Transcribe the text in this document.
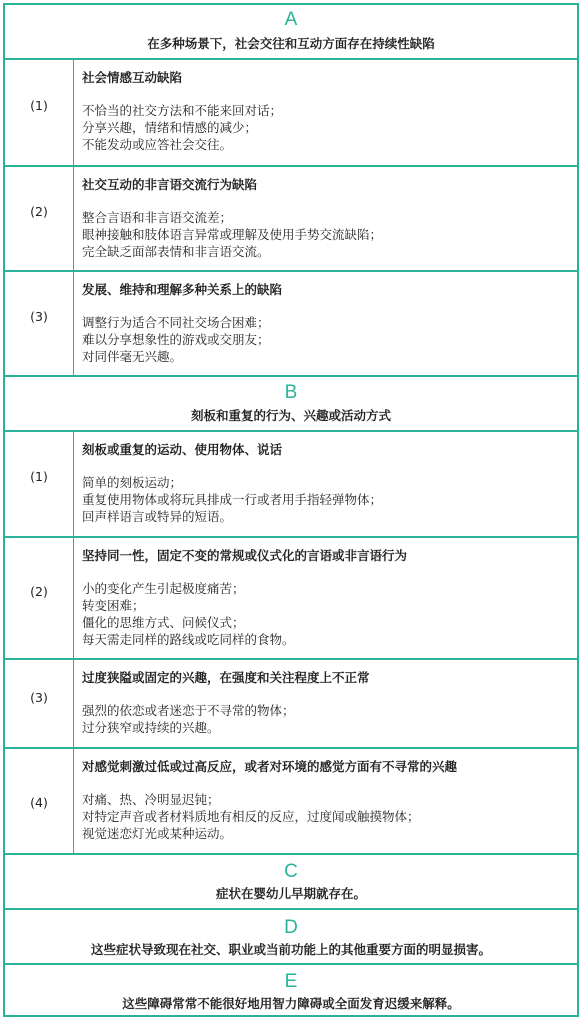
A
在多种场景下，社会交往和互动方面存在持续性缺陷
(1)
社会情感互动缺陷
不恰当的社交方法和不能来回对话；
分享兴趣，情绪和情感的减少；
不能发动或应答社会交往。
(2)
社交互动的非言语交流行为缺陷
整合言语和非言语交流差；
眼神接触和肢体语言异常或理解及使用手势交流缺陷；
完全缺乏面部表情和非言语交流。
(3)
发展、维持和理解多种关系上的缺陷
调整行为适合不同社交场合困难；
难以分享想象性的游戏或交朋友；
对同伴毫无兴趣。
B
刻板和重复的行为、兴趣或活动方式
(1)
刻板或重复的运动、使用物体、说话
简单的刻板运动；
重复使用物体或将玩具排成一行或者用手指轻弹物体；
回声样语言或特异的短语。
(2)
坚持同一性，固定不变的常规或仪式化的言语或非言语行为
小的变化产生引起极度痛苦；
转变困难；
僵化的思维方式、问候仪式；
每天需走同样的路线或吃同样的食物。
(3)
过度狭隘或固定的兴趣，在强度和关注程度上不正常
强烈的依恋或者迷恋于不寻常的物体；
过分狭窄或持续的兴趣。
(4)
对感觉刺激过低或过高反应，或者对环境的感觉方面有不寻常的兴趣
对痛、热、冷明显迟钝；
对特定声音或者材料质地有相反的反应，过度闻或触摸物体；
视觉迷恋灯光或某种运动。
C
症状在婴幼儿早期就存在。
D
这些症状导致现在社交、职业或当前功能上的其他重要方面的明显损害。
E
这些障碍常常不能很好地用智力障碍或全面发育迟缓来解释。
